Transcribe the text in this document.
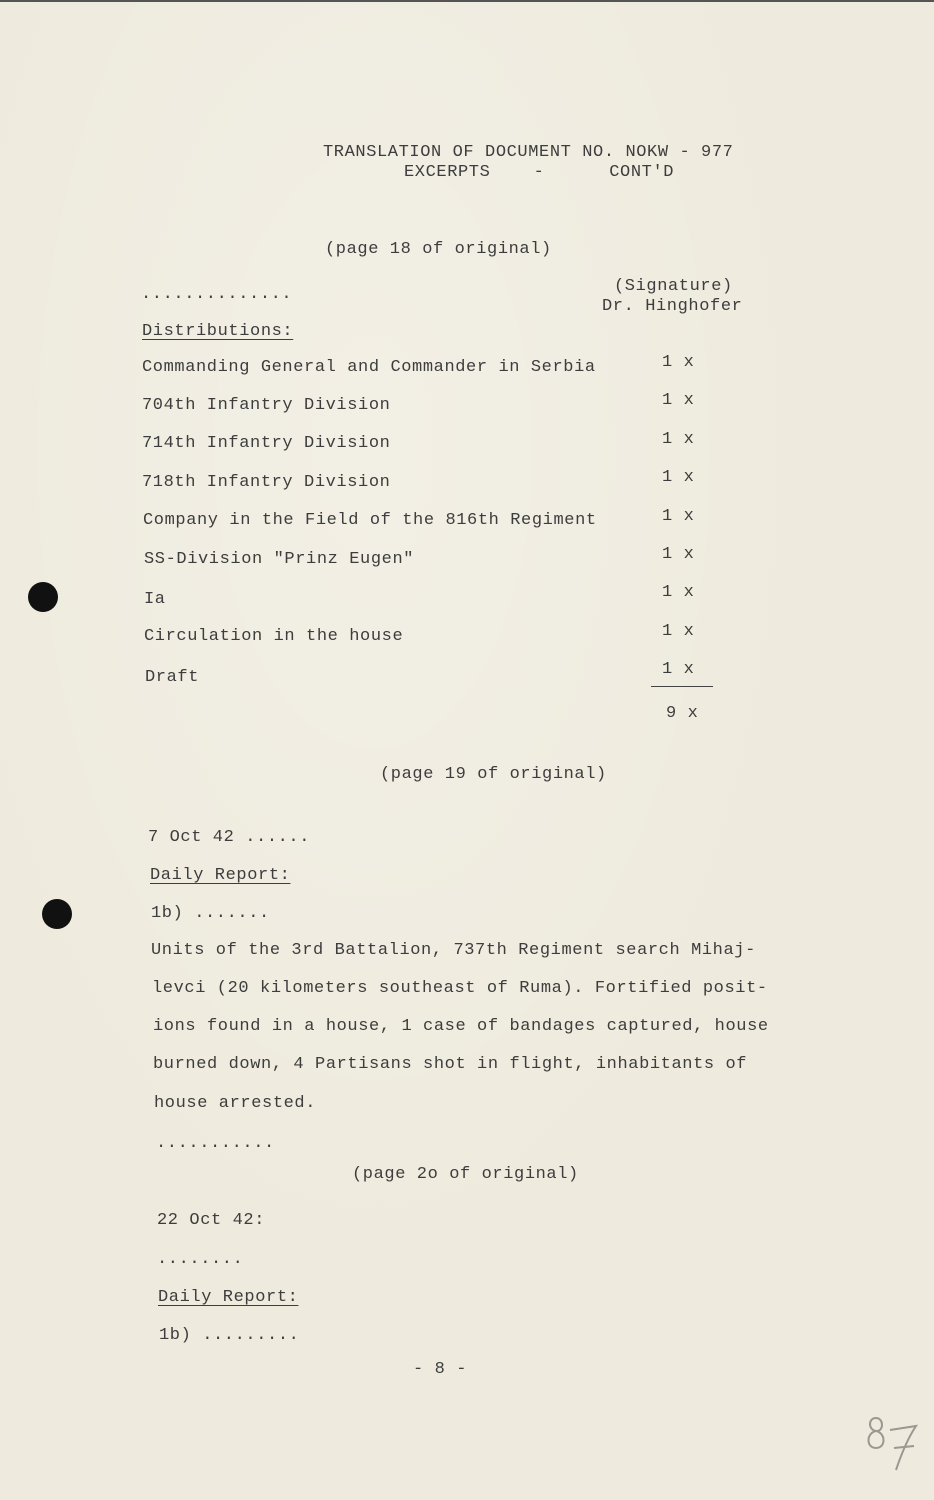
TRANSLATION OF DOCUMENT NO. NOKW - 977
EXCERPTS    -      CONT'D
(page 18 of original)
..............	(Signature)
Dr. Hinghofer
Distributions:
Commanding General and Commander in Serbia	1 x
704th Infantry Division	1 x
714th Infantry Division	1 x
718th Infantry Division	1 x
Company in the Field of the 816th Regiment	1 x
SS-Division "Prinz Eugen"	1 x
Ia	1 x
Circulation in the house	1 x
Draft	1 x
9 x
(page 19 of original)
7 Oct 42 ......
Daily Report:
1b) .......
Units of the 3rd Battalion, 737th Regiment search Mihaj-
levci (20 kilometers southeast of Ruma). Fortified posit-
ions found in a house, 1 case of bandages captured, house
burned down, 4 Partisans shot in flight, inhabitants of
house arrested.
...........
(page 2o of original)
22 Oct 42:
........
Daily Report:
1b) .........
- 8 -
